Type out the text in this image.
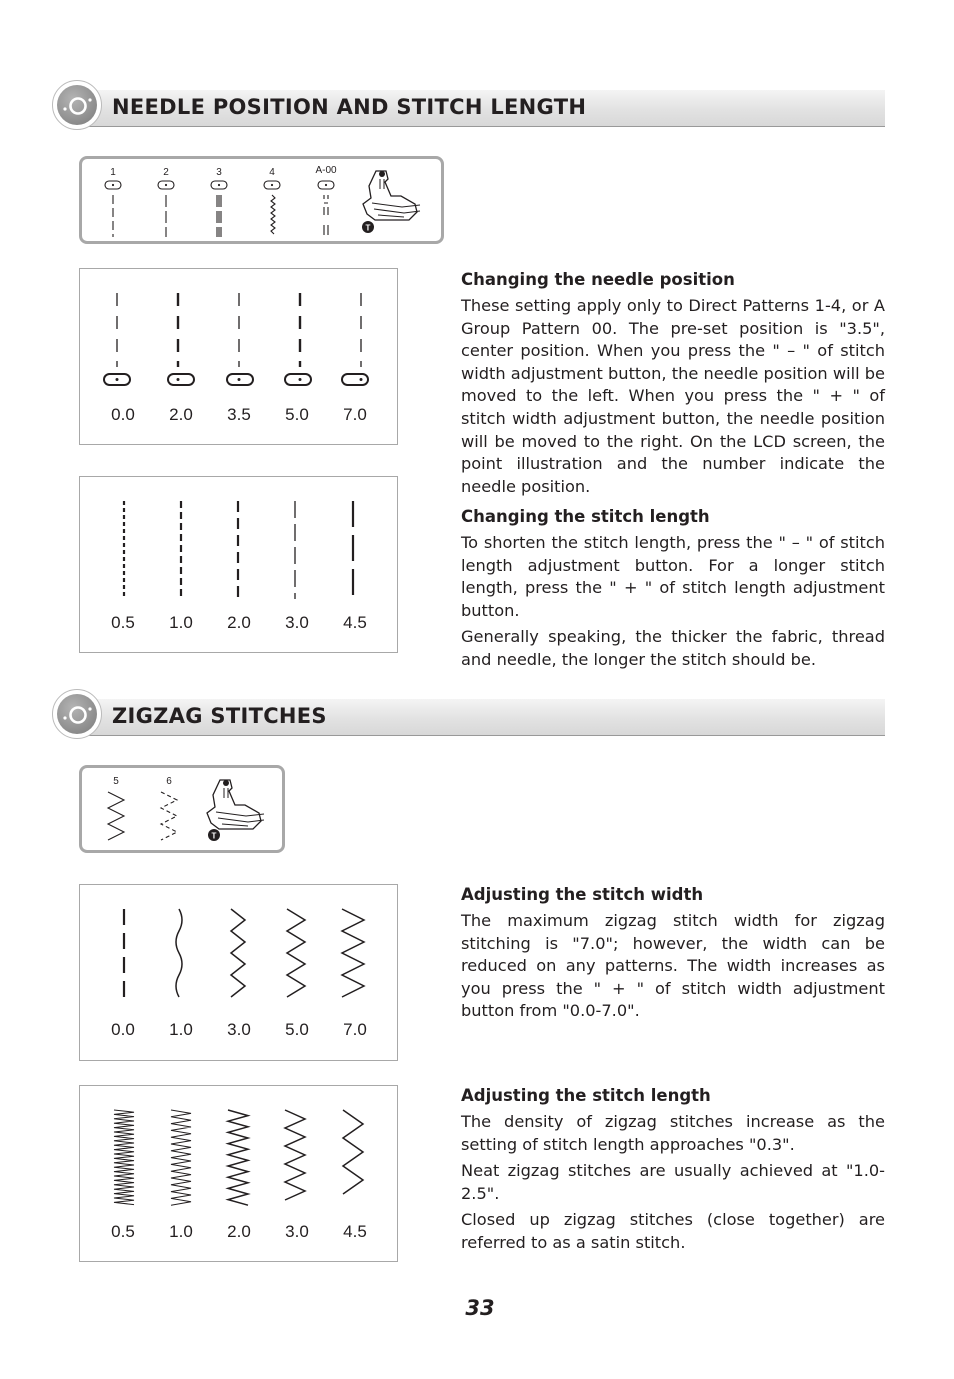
NEEDLE POSITION AND STITCH LENGTH
1	2	3	4	A-00
T
0.0	2.0	3.5	5.0	7.0
0.5	1.0	2.0	3.0	4.5
Changing the needle position

These setting apply only to Direct Patterns 1-4, or A Group Pattern 00. The pre-set position is "3.5", center position. When you press the " – " of stitch width adjustment button, the needle position will be moved to the left. When you press the " + " of stitch width adjustment button, the needle position will be moved to the right. On the LCD screen, the point illustration and the number indicate the needle position.

Changing the stitch length

To shorten the stitch length, press the " – " of stitch length adjustment button. For a longer stitch length, press the " + " of stitch length adjustment button.

Generally speaking, the thicker the fabric, thread and needle, the longer the stitch should be.

ZIGZAG STITCHES
5	6
T
0.0	1.0	3.0	5.0	7.0
0.5	1.0	2.0	3.0	4.5
Adjusting the stitch width

The maximum zigzag stitch width for zigzag stitching is "7.0"; however, the width can be reduced on any patterns. The width increases as you press the " + " of stitch width adjustment button from "0.0-7.0".

Adjusting the stitch length

The density of zigzag stitches increase as the setting of stitch length approaches "0.3".

Neat zigzag stitches are usually achieved at "1.0-2.5".

Closed up zigzag stitches (close together) are referred to as a satin stitch.

33
